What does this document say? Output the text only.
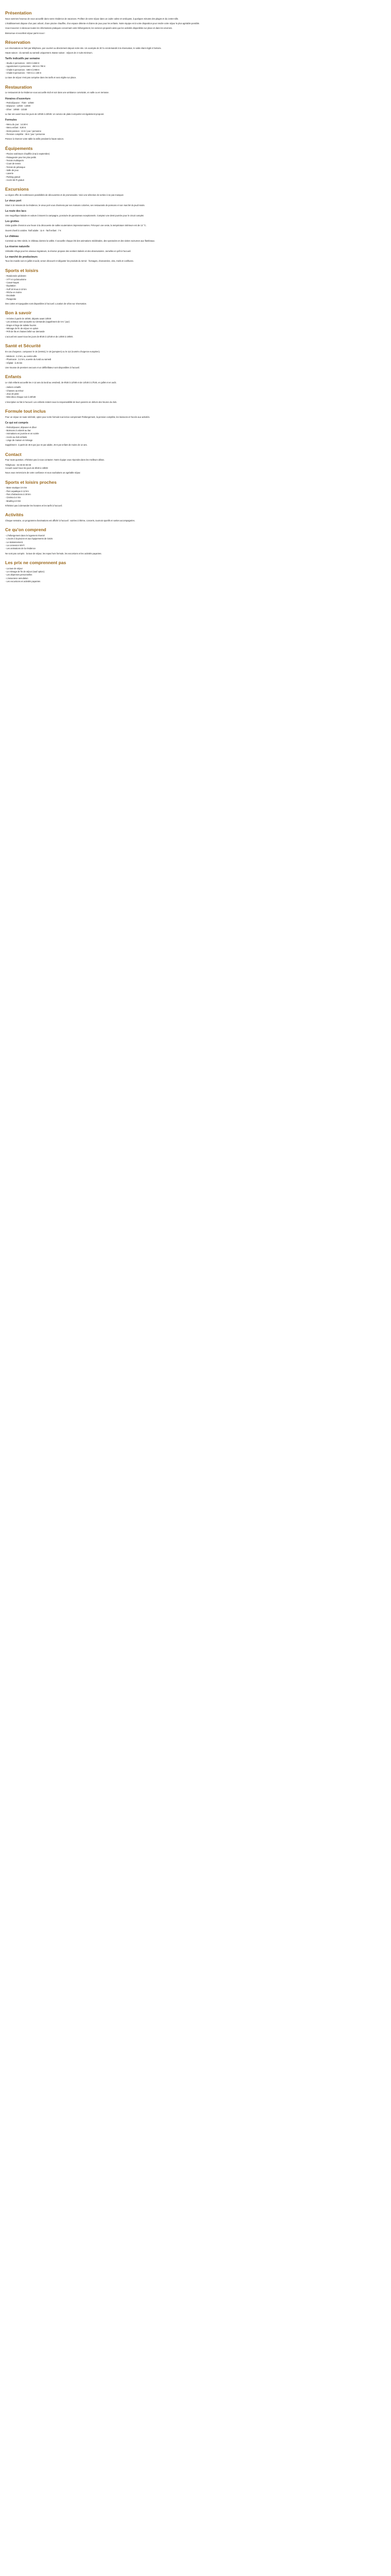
Présentation

Nous sommes heureux de vous accueillir dans notre résidence de vacances. Profitez de votre séjour dans un cadre calme et verdoyant, à quelques minutes des plages et du centre-ville.

L'établissement dispose d'un parc arboré, d'une piscine chauffée, d'un espace détente et d'aires de jeux pour les enfants. Notre équipe est à votre disposition pour rendre votre séjour le plus agréable possible.

Vous trouverez ci-dessous toutes les informations pratiques concernant votre hébergement, les services proposés ainsi que les activités disponibles sur place et dans les environs.

Bienvenue et excellent séjour parmi nous !

Réservation

Les réservations se font par téléphone, par courriel ou directement depuis notre site. Un acompte de 30 % est demandé à la réservation, le solde étant réglé à l'arrivée.

Haute saison : du samedi au samedi uniquement. Basse saison : séjours de 2 nuits minimum.

Tarifs indicatifs par semaine
- Studio 2 personnes : 320 € à 560 €
- Appartement 4 personnes : 450 € à 790 €
- Chalet 6 personnes : 590 € à 990 €
- Chalet 8 personnes : 720 € à 1 190 €

La taxe de séjour n'est pas comprise dans les tarifs et sera réglée sur place.

Restauration

Le restaurant de la résidence vous accueille midi et soir dans une ambiance conviviale, en salle ou en terrasse.

Horaires d'ouverture
- Petit-déjeuner : 7h30 - 10h00
- Déjeuner : 12h00 - 14h00
- Dîner : 19h00 - 21h30

Le bar est ouvert tous les jours de 10h00 à 23h00. Un service de plats à emporter est également proposé.

Formules
- Menu du jour : 14,50 €
- Menu enfant : 8,90 €
- Demi-pension : 24 € / jour / personne
- Pension complète : 36 € / jour / personne

Pensez à réserver votre table la veille pendant la haute saison.

Équipements
- Piscine extérieure chauffée (mai à septembre)
- Pataugeoire pour les plus petits
- Terrain multisports
- Court de tennis
- Terrain de pétanque
- Salle de jeux
- Laverie
- Parking gratuit
- Accès Wi-Fi gratuit
Excursions

La région offre de nombreuses possibilités de découvertes et de promenades. Voici une sélection de sorties à ne pas manquer.

Le vieux port

Situé à 15 minutes de la résidence, le vieux port vous charmera par ses maisons colorées, ses restaurants de poissons et son marché du jeudi matin.

La route des lacs

Une magnifique balade en voiture à travers la campagne, ponctuée de panoramas exceptionnels. Comptez une demi-journée pour le circuit complet.

Les grottes

Visite guidée d'environ une heure à la découverte de salles souterraines impressionnantes. Prévoyez une veste, la température intérieure est de 13 °C.

Ouvert d'avril à octobre. Tarif adulte : 11 € - Tarif enfant : 7 €

Le château

Construit au XIIIe siècle, le château domine la vallée. Il accueille chaque été des animations médiévales, des spectacles et des visites nocturnes aux flambeaux.

La réserve naturelle

Véritable refuge pour les oiseaux migrateurs, la réserve propose des sentiers balisés et des observatoires. Jumelles en prêt à l'accueil.

Le marché de producteurs

Tous les mardis soir en juillet et août, venez découvrir et déguster les produits du terroir : fromages, charcuteries, vins, miels et confitures.

Sports et loisirs
- Randonnée pédestre
- VTT et cyclotourisme
- Canoë-kayak
- Équitation
- Golf 18 trous à 10 km
- Pêche en rivière
- Escalade
- Parapente

Des cartes et topoguides sont disponibles à l'accueil. Location de vélos sur réservation.

Bon à savoir
- Arrivées à partir de 16h00, départs avant 10h00
- Les animaux sont acceptés sur demande (supplément de 5 € / jour)
- Draps et linge de toilette fournis
- Ménage de fin de séjour en option
- Prêt de lits et chaises bébé sur demande

L'accueil est ouvert tous les jours de 8h30 à 12h30 et de 14h00 à 19h00.

Santé et Sécurité

En cas d'urgence, composez le 15 (SAMU), le 18 (pompiers) ou le 112 (numéro d'urgence européen).

- Médecin : à 3 km, au centre-ville
- Pharmacie : à 2 km, ouverte du lundi au samedi
- Hôpital : à 25 km

Une trousse de premiers secours et un défibrillateur sont disponibles à l'accueil.

Enfants

Le club enfants accueille les 4-12 ans du lundi au vendredi, de 9h30 à 12h00 et de 14h30 à 17h30, en juillet et en août.

- Ateliers créatifs
- Chasses au trésor
- Jeux de piste
- Mini-disco chaque soir à 20h30

L'inscription se fait à l'accueil. Les enfants restent sous la responsabilité de leurs parents en dehors des heures du club.

Formule tout inclus

Pour un séjour en toute sérénité, optez pour notre formule tout inclus comprenant l'hébergement, la pension complète, les boissons et l'accès aux activités.

Ce qui est compris
- Petit-déjeuner, déjeuner et dîner
- Boissons à volonté au bar
- Animations en journée et en soirée
- Accès au club enfants
- Linge de maison et ménage

Supplément : à partir de 45 € par jour et par adulte, 25 € par enfant de moins de 12 ans.

Contact

Pour toute question, n'hésitez pas à nous contacter. Notre équipe vous répondra dans les meilleurs délais.

Téléphone : 04 00 00 00 00
Accueil ouvert tous les jours de 8h30 à 19h00

Nous vous remercions de votre confiance et vous souhaitons un agréable séjour.

Sports et loisirs proches
- Base nautique à 5 km
- Parc aquatique à 12 km
- Parc d'attractions à 30 km
- Cinéma à 4 km
- Bowling à 8 km

N'hésitez pas à demander les horaires et les tarifs à l'accueil.

Activités

Chaque semaine, un programme d'animations est affiché à l'accueil : soirées à thème, concerts, tournois sportifs et sorties accompagnées.

Ce qu'on comprend
- L'hébergement dans le logement réservé
- L'accès à la piscine et aux équipements de loisirs
- Le stationnement
- La connexion Wi-Fi
- Les animations de la résidence

Ne sont pas compris : la taxe de séjour, les repas hors formule, les excursions et les activités payantes.

Les prix ne comprennent pas
- La taxe de séjour
- Le ménage de fin de séjour (sauf option)
- Les dépenses personnelles
- L'assurance annulation
- Les excursions et activités payantes
